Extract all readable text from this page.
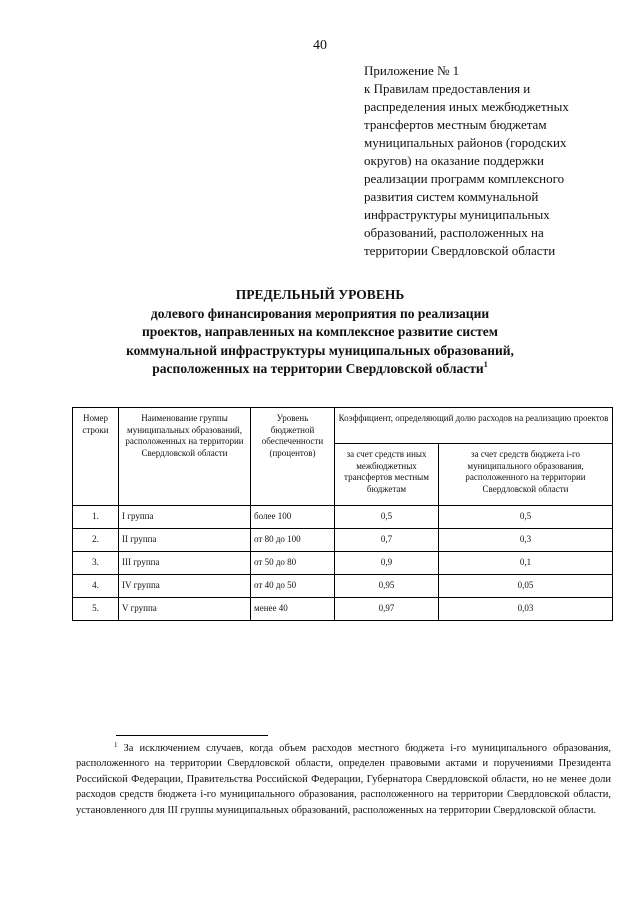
40
Приложение № 1
к Правилам предоставления и
распределения иных межбюджетных
трансфертов местным бюджетам
муниципальных районов (городских
округов) на оказание поддержки
реализации программ комплексного
развития систем коммунальной
инфраструктуры муниципальных
образований, расположенных на
территории Свердловской области
ПРЕДЕЛЬНЫЙ УРОВЕНЬ
долевого финансирования мероприятия по реализации
проектов, направленных на комплексное развитие систем
коммунальной инфраструктуры муниципальных образований,
расположенных на территории Свердловской области$^1$
Номер строки	Наименование группы муниципальных образований, расположенных на территории Свердловской области	Уровень бюджетной обеспеченности (процентов)	Коэффициент, определяющий долю расходов на реализацию проектов	
			за счет средств иных межбюджетных трансфертов местным бюджетам	за счет средств бюджета i-го муниципального образования, расположенного на территории Свердловской области
1.	I группа	более 100	0,5	0,5
2.	II группа	от 80 до 100	0,7	0,3
3.	III группа	от 50 до 80	0,9	0,1
4.	IV группа	от 40 до 50	0,95	0,05
5.	V группа	менее 40	0,97	0,03
$^1$ За исключением случаев, когда объем расходов местного бюджета i-го муниципального образования, расположенного на территории Свердловской области, определен правовыми актами и поручениями Президента Российской Федерации, Правительства Российской Федерации, Губернатора Свердловской области, но не менее доли расходов средств бюджета i-го муниципального образования, расположенного на территории Свердловской области, установленного для III группы муниципальных образований, расположенных на территории Свердловской области.
